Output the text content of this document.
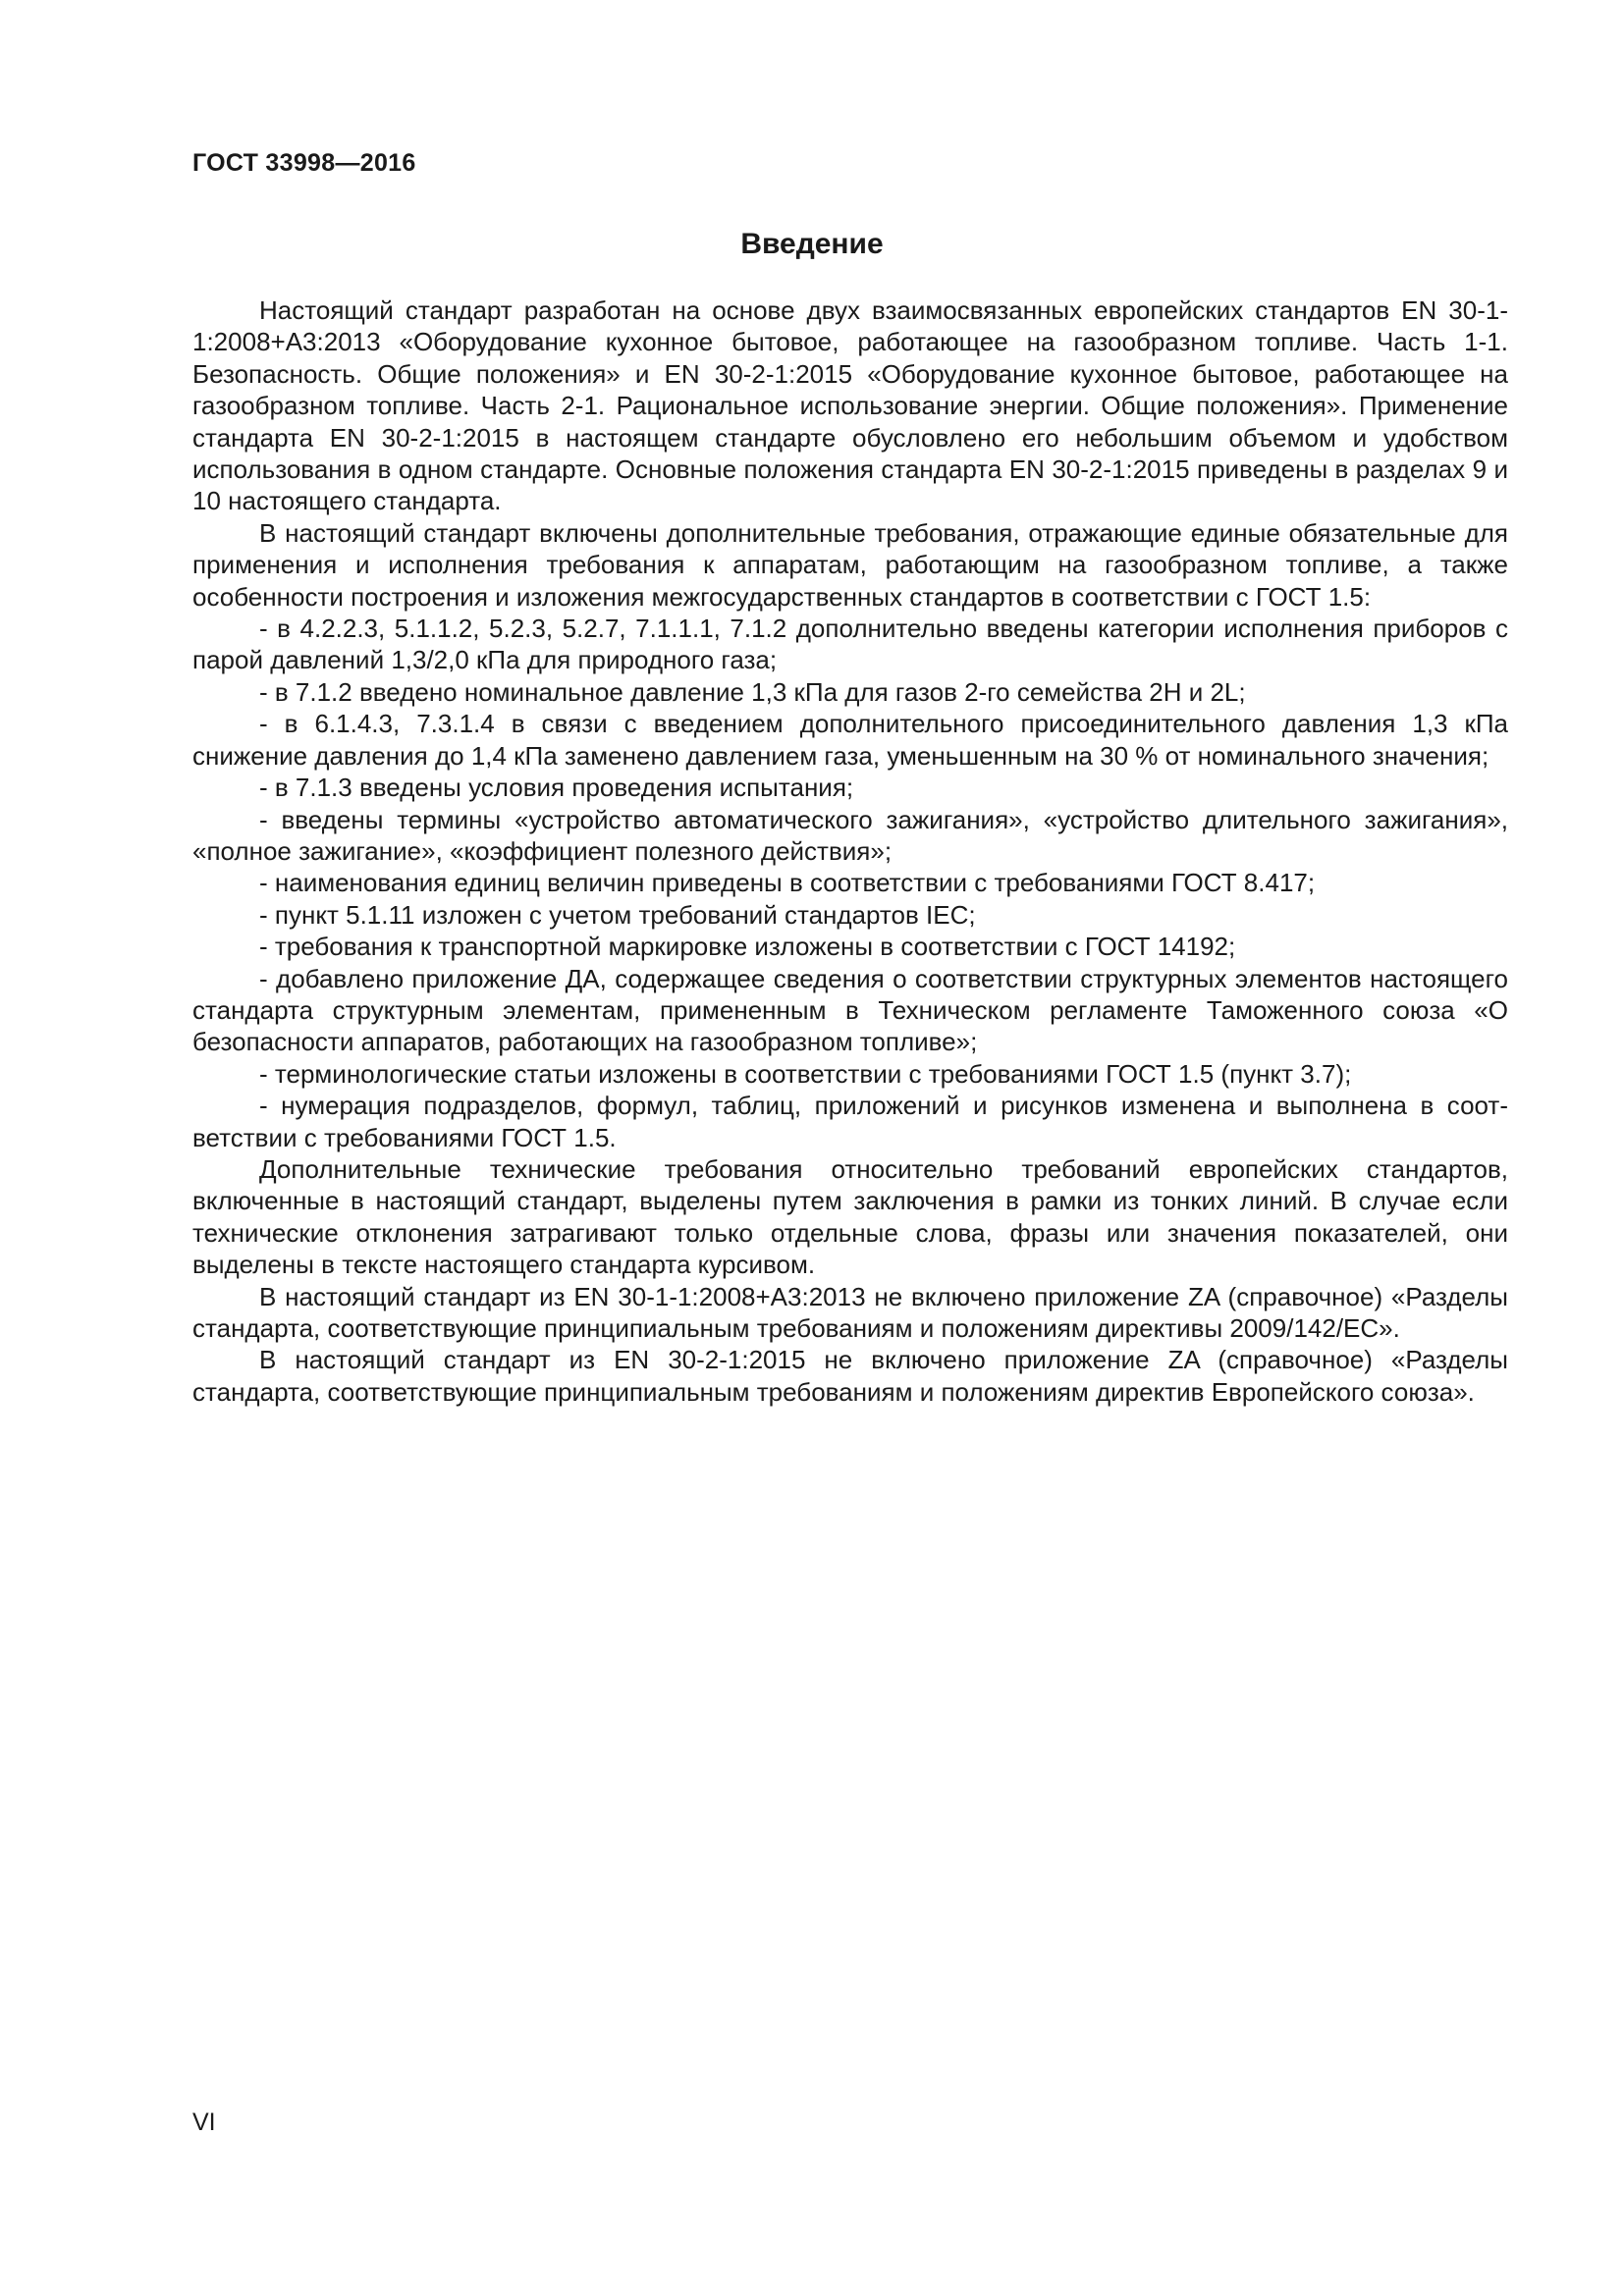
ГОСТ 33998—2016
Введение

Настоящий стандарт разработан на основе двух взаимосвязанных европейских стандартов EN 30-1-1:2008+A3:2013 «Оборудование кухонное бытовое, работающее на газообразном топливе. Часть 1-1. Безопасность. Общие положения» и EN 30-2-1:2015 «Оборудование кухонное бытовое, работающее на газообразном топливе. Часть 2-1. Рациональное использование энергии. Общие положения». Применение стандарта EN 30-2-1:2015 в настоящем стандарте обусловлено его небольшим объемом и удобством использования в одном стандарте. Основные положения стандарта EN 30-2-1:2015 приведены в разделах 9 и 10 настоящего стандарта.

В настоящий стандарт включены дополнительные требования, отражающие единые обязательные для применения и исполнения требования к аппаратам, работающим на газообразном топливе, а также особенности построения и изложения межгосударственных стандартов в соответствии с ГОСТ 1.5:

- в 4.2.2.3, 5.1.1.2, 5.2.3, 5.2.7, 7.1.1.1, 7.1.2 дополнительно введены категории исполнения приборов с парой давлений 1,3/2,0 кПа для природного газа;

- в 7.1.2 введено номинальное давление 1,3 кПа для газов 2-го семейства 2H и 2L;

- в 6.1.4.3, 7.3.1.4 в связи с введением дополнительного присоединительного давления 1,3 кПа снижение давления до 1,4 кПа заменено давлением газа, уменьшенным на 30 % от номинального значения;

- в 7.1.3 введены условия проведения испытания;

- введены термины «устройство автоматического зажигания», «устройство длительного зажигания», «полное зажигание», «коэффициент полезного действия»;

- наименования единиц величин приведены в соответствии с требованиями ГОСТ 8.417;

- пункт 5.1.11 изложен с учетом требований стандартов IEC;

- требования к транспортной маркировке изложены в соответствии с ГОСТ 14192;

- добавлено приложение ДА, содержащее сведения о соответствии структурных элементов настоящего стандарта структурным элементам, примененным в Техническом регламенте Таможенного союза «О безопасности аппаратов, работающих на газообразном топливе»;

- терминологические статьи изложены в соответствии с требованиями ГОСТ 1.5 (пункт 3.7);

- нумерация подразделов, формул, таблиц, приложений и рисунков изменена и выполнена в соответствии с требованиями ГОСТ 1.5.

Дополнительные технические требования относительно требований европейских стандартов, включенные в настоящий стандарт, выделены путем заключения в рамки из тонких линий. В случае если технические отклонения затрагивают только отдельные слова, фразы или значения показателей, они выделены в тексте настоящего стандарта курсивом.

В настоящий стандарт из EN 30-1-1:2008+A3:2013 не включено приложение ZA (справочное) «Разделы стандарта, соответствующие принципиальным требованиям и положениям директивы 2009/142/EC».

В настоящий стандарт из EN 30-2-1:2015 не включено приложение ZA (справочное) «Разделы стандарта, соответствующие принципиальным требованиям и положениям директив Европейского союза».

VI
